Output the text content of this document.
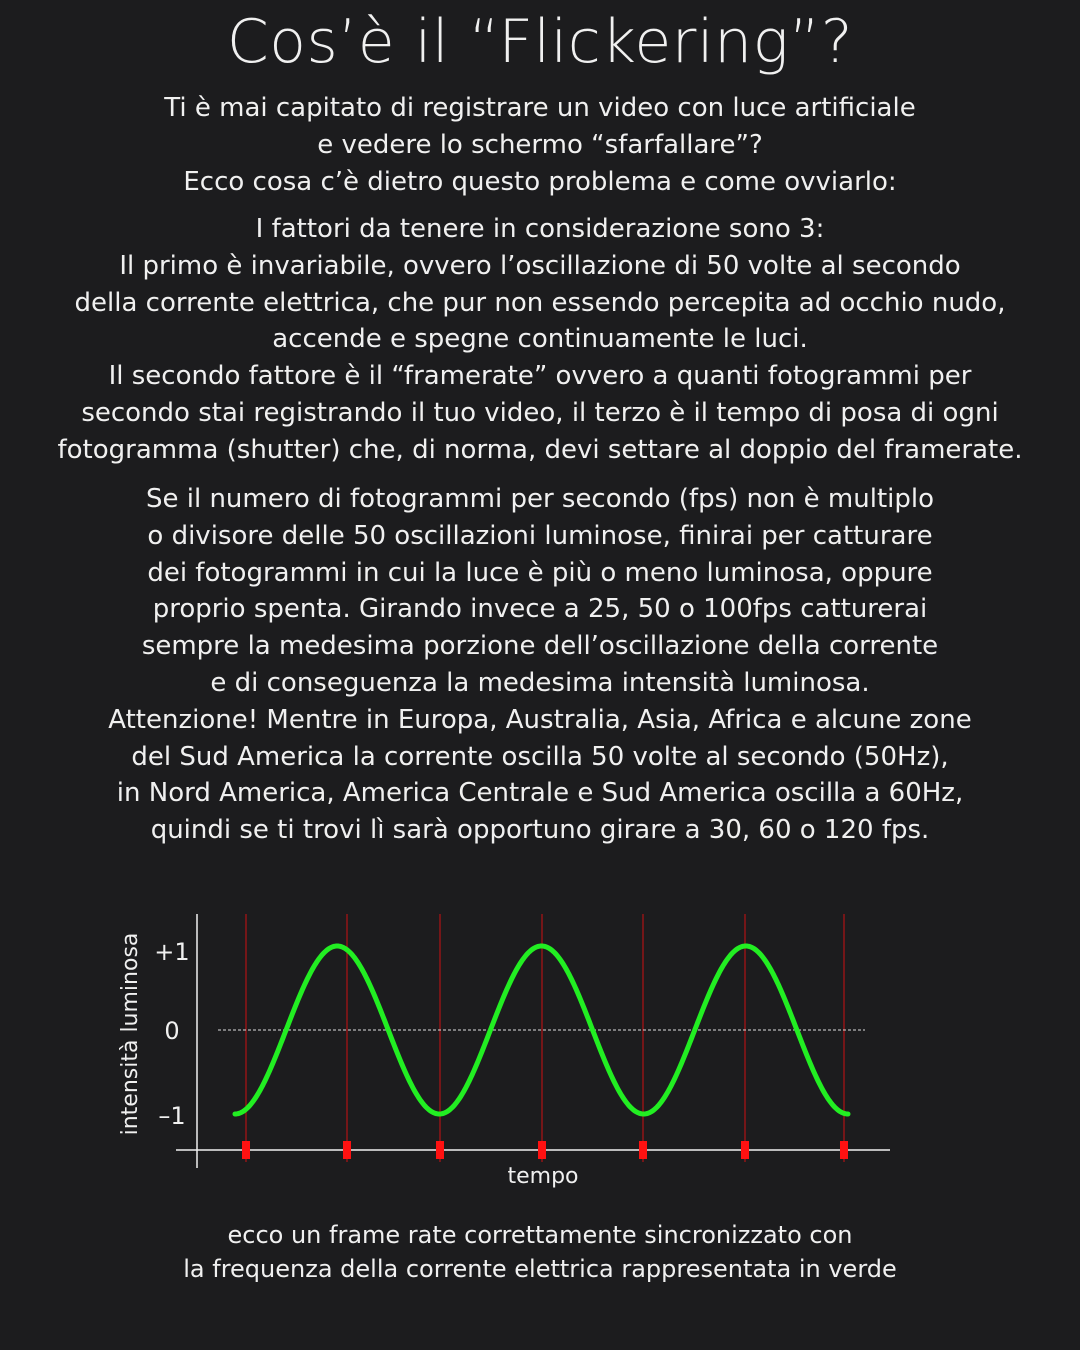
Cos’è il “Flickering”?
Ti è mai capitato di registrare un video con luce artificiale
e vedere lo schermo “sfarfallare”?
Ecco cosa c’è dietro questo problema e come ovviarlo:
I fattori da tenere in considerazione sono 3:
Il primo è invariabile, ovvero l’oscillazione di 50 volte al secondo
della corrente elettrica, che pur non essendo percepita ad occhio nudo,
accende e spegne continuamente le luci.
Il secondo fattore è il “framerate” ovvero a quanti fotogrammi per
secondo stai registrando il tuo video, il terzo è il tempo di posa di ogni
fotogramma (shutter) che, di norma, devi settare al doppio del framerate.
Se il numero di fotogrammi per secondo (fps) non è multiplo
o divisore delle 50 oscillazioni luminose, finirai per catturare
dei fotogrammi in cui la luce è più o meno luminosa, oppure
proprio spenta. Girando invece a 25, 50 o 100fps catturerai
sempre la medesima porzione dell’oscillazione della corrente
e di conseguenza la medesima intensità luminosa.
Attenzione! Mentre in Europa, Australia, Asia, Africa e alcune zone
del Sud America la corrente oscilla 50 volte al secondo (50Hz),
in Nord America, America Centrale e Sud America oscilla a 60Hz,
quindi se ti trovi lì sarà opportuno girare a 30, 60 o 120 fps.
+1
0
–1
intensità luminosa
tempo
ecco un frame rate correttamente sincronizzato con
la frequenza della corrente elettrica rappresentata in verde
